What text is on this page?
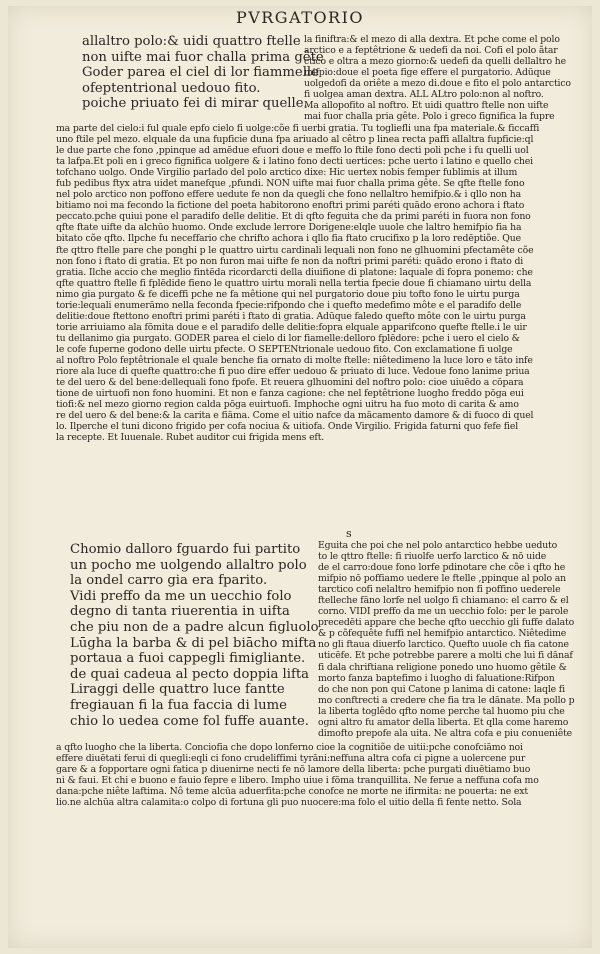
PVRGATORIO
allaltro polo:& uidi quattro ftelle
non uifte mai fuor challa prima gête
Goder parea el ciel di lor fiammelle
ofeptentrional uedouo fito.
poiche priuato fei di mirar quelle.
la finiftra:& el mezo di alla dextra. Et pche come el polo
arctico e a feptêtrione & uedefi da noi. Cofi el polo ãtar
ctico e oltra a mezo giorno:& uedefi da quelli dellaltro he
mifpio:doue el poeta fige effere el purgatorio. Adūque
uolgedofi da oriête a mezo di.doue e fito el polo antarctico
fi uolgea aman dextra. ALL ALtro polo:non al noftro.
Ma allopofito al noftro. Et uidi quattro ftelle non uifte
mai fuor challa pria gête. Polo i greco fignifica la fupre
ma parte del cielo:i ful quale epfo cielo fi uolge:cõe fi uerbi gratia. Tu togliefli una fpa materiale.& ficcaffi
uno ftile pel mezo. elquale da una fupficie duna fpa ariuado al cêtro p linea recta paffi allaltra fupficie:ql
le due parte che fono ,ppinque ad amēdue efuori doue e meffo lo ftile fono decti poli pche i fu quelli uol
ta lafpa.Et poli en i greco fignifica uolgere & i latino fono decti uertices: pche uerto i latino e quello chei
tofchano uolgo. Onde Virgilio parlado del polo arctico dixe: Hic uertex nobis femper fublimis at illum
fub pedibus ftyx atra uidet manefque ,pfundi. NON uifte mai fuor challa prima gête. Se qfte ftelle fono
nel polo arctico non poffono effere uedute fe non da quegli che fono nellaltro hemifpio.& i qllo non ha
bitiamo noi ma fecondo la fictione del poeta habitorono enoftri primi paréti quādo erono achora i ftato
peccato.pche quiui pone el paradifo delle delitie. Et di qfto feguita che da primi paréti in fuora non fono
qfte ftate uifte da alchūo huomo. Onde exclude lerrore Dorigene:elqle uuole che laltro hemifpio fia ha
bitato cõe qfto. Ilpche fu neceffario che chrifto achora i qllo fia ftato crucifixo p la loro redēptiõe. Que
fte qttro ftelle pare che ponghi p le quattro uirtu cardinali lequali non fono ne glhuomini pfectamête cõe
non fono i ftato di gratia. Et po non furon mai uifte fe non da noftri primi paréti: quādo erono i ftato di
gratia. Ilche accio che meglio fintēda ricordarcti della diuifione di platone: laquale di fopra ponemo: che
qfte quattro ftelle fi fplēdide fieno le quattro uirtu morali nella tertia fpecie doue fi chiamano uirtu della
nimo gia purgato & fe diceffi pche ne fa mêtione qui nel purgatorio doue piu tofto fono le uirtu purga
torie:lequali enumerāmo nella feconda fpecie:rifpondo che i quefto medefimo môte e el paradifo delle
delitie:doue ftettono enoftri primi paréti i ftato di gratia. Adūque faledo quefto môte con le uirtu purga
torie arriuiamo ala fōmita doue e el paradifo delle delitie:fopra elquale apparifcono quefte ftelle.i le uir
tu dellanimo gia purgato. GODER parea el cielo di lor fiamelle:delloro fplēdore: pche i uero el cielo &
le cofe fuperne godono delle uirtu pfecte. O SEPTENtrionale uedouo fito. Con exclamatione fi uolge
al noftro Polo feptêtrionale el quale benche fia ornato di molte ftelle: niêtedimeno la luce loro e tāto infe
riore ala luce di quefte quattro:che fi puo dire effer uedouo & priuato di luce. Vedoue fono lanime priua
te del uero & del bene:dellequali fono fpofe. Et reuera glhuomini del noftro polo: cioe uiuēdo a cōpara
tione de uirtuofi non fono huomini. Et non e fanza cagione: che nel feptêtrione luogho freddo pōga eui
tiofi:& nel mezo giorno region calda pōga euirtuofi. Imphoche ogni uitru ha fuo moto di carita & amo
re del uero & del bene:& la carita e fiāma. Come el uitio nafce da mācamento damore & di fuoco di quel
lo. Ilperche el tuni dicono frigido per cofa nociua & uitiofa. Onde Virgilio. Frigida faturni quo fefe fiel
la recepte. Et Iuuenale. Rubet auditor cui frigida mens eft.
s
Eguita che poi che nel polo antarctico hebbe ueduto
to le qttro ftelle: fi riuolfe uerfo larctico & nō uide
de el carro:doue fono lorfe pdinotare che cõe i qfto he
mifpio nō poffiamo uedere le ftelle ,ppinque al polo an
tarctico cofi nelaltro hemifpio non fi poffino uederele
ftelleche fāno lorfe nel uolgo fi chiamano: el carro & el
corno. VIDI preffo da me un uecchio folo: per le parole
precedēti appare che beche qfto uecchio gli fuffe dalato
& p cõfequête fuffi nel hemifpio antarctico. Niêtedime
no gli ftaua diuerfo larctico. Quefto uuole ch fia catone
uticēfe. Et pche potrebbe parere a molti che lui fi dānaf
fi dala chriftiana religione ponedo uno huomo gêtile &
morto fanza baptefimo i luogho di faluatione:Rifpon
do che non pon qui Catone p lanima di catone: laqle fi
mo conftrecti a credere che fia tra le dānate. Ma pollo p
la liberta toglêdo qfto nome perche tal huomo piu che
ogni altro fu amator della liberta. Et qlla come haremo
dimofto prepofe ala uita. Ne altra cofa e piu conueniête
Chomio dalloro fguardo fui partito
un pocho me uolgendo allaltro polo
la ondel carro gia era fparito.
Vidi preffo da me un uecchio folo
degno di tanta riuerentia in uifta
che piu non de a padre alcun figluolo
Lūgha la barba & di pel biācho mifta
portaua a fuoi cappegli fimigliante.
de quai cadeua al pecto doppia lifta
Liraggi delle quattro luce fantte
fregiauan fi la fua faccia di lume
chio lo uedea come fol fuffe auante.
a qfto luogho che la liberta. Conciofia che dopo lonferno cioe la cognitiõe de uitii:pche conofciāmo noi
effere diuētati ferui di quegli:eqli ci fono crudeliffimi tyrāni:neffuna altra cofa ci pigne a uolercene pur
gare & a fopportare ogni fatica p diuenirne necti fe nō lamore della liberta: pche purgati diuētiamo buo
ni & faui. Et chi e buono e fauio fepre e libero. Impho uiue i fōma tranquillita. Ne ferue a neffuna cofa mo
dana:pche niête laftima. Nô teme alcūa aduerfita:pche conofce ne morte ne ifirmita: ne pouerta: ne ext
lio.ne alchūa altra calamita:o colpo di fortuna gli puo nuocere:ma folo el uitio della fi fente netto. Sola
